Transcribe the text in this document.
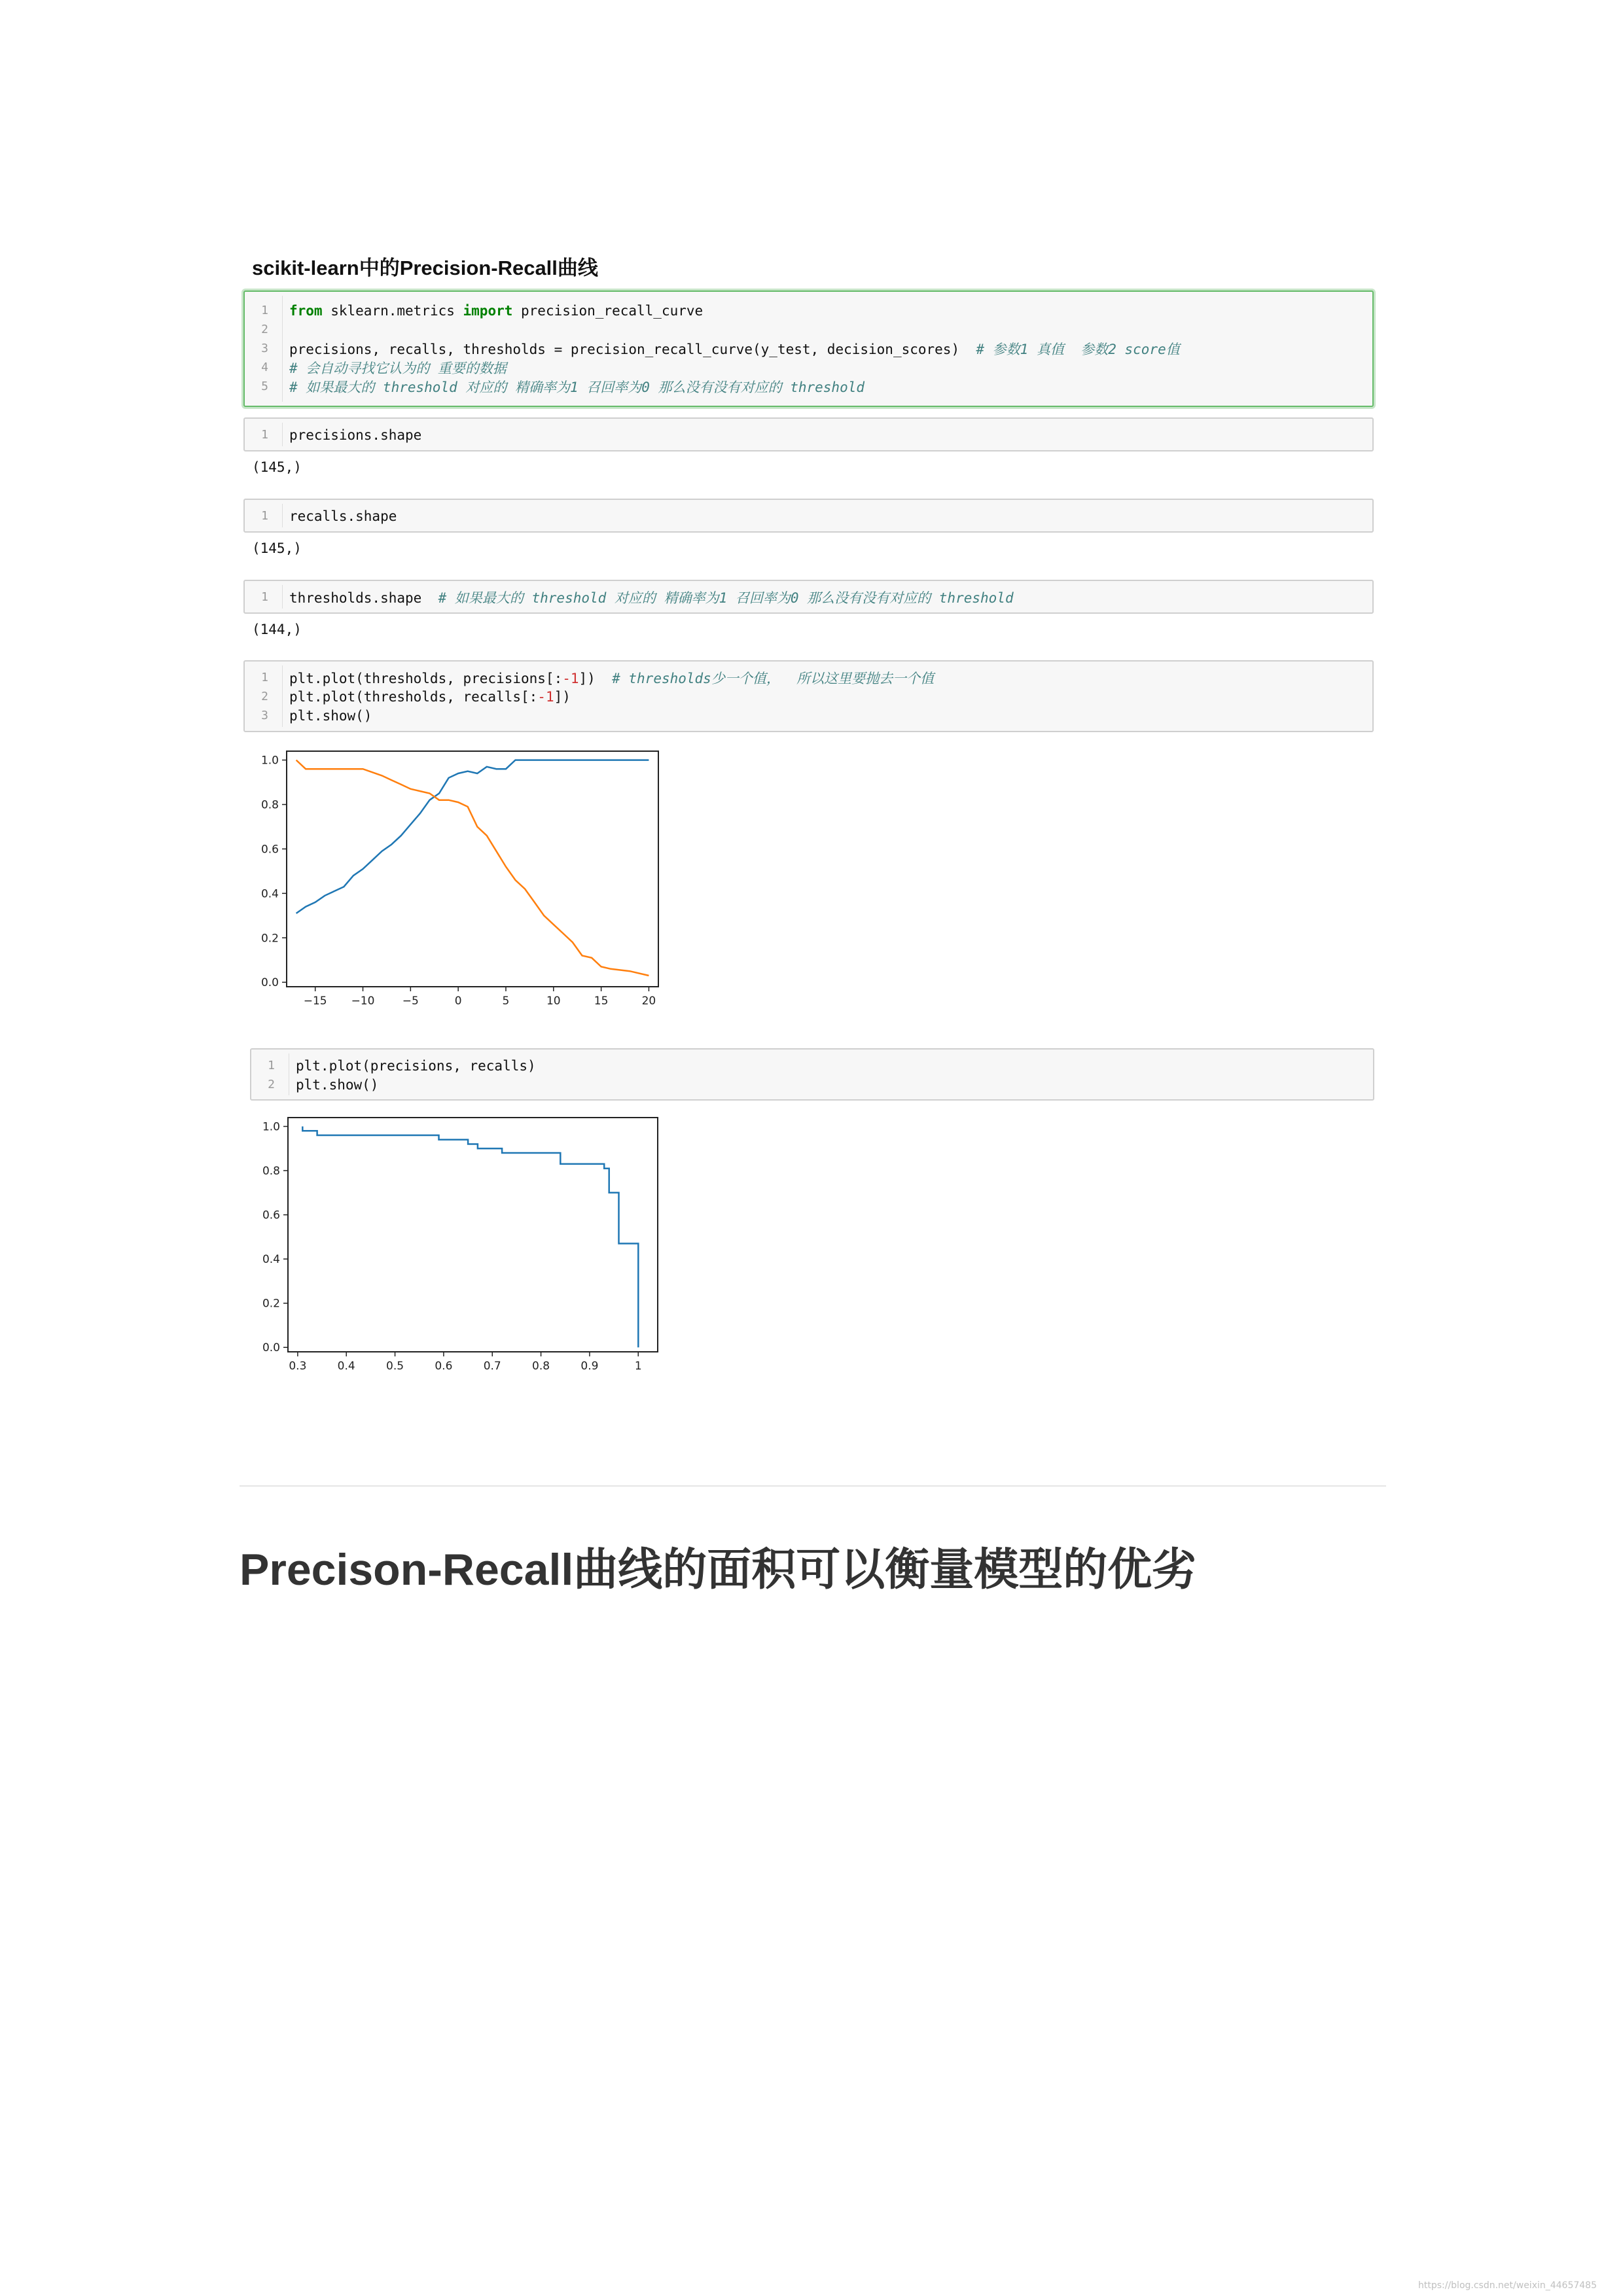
scikit-learn中的Precision-Recall曲线
1	from sklearn.metrics import precision_recall_curve
2
3	precisions, recalls, thresholds = precision_recall_curve(y_test, decision_scores)  # 参数1 真值  参数2 score值
4	# 会自动寻找它认为的 重要的数据
5	# 如果最大的 threshold 对应的 精确率为1 召回率为0 那么没有没有对应的 threshold
1	precisions.shape
(145,)
1	recalls.shape
(145,)
1	thresholds.shape  # 如果最大的 threshold 对应的 精确率为1 召回率为0 那么没有没有对应的 threshold
(144,)
1	plt.plot(thresholds, precisions[:-1])  # thresholds少一个值，  所以这里要抛去一个值
2	plt.plot(thresholds, recalls[:-1])
3	plt.show()
−15 −10 −5	0	5	10	15	20
0.0
0.2
0.4
0.6
0.8
1.0
1	plt.plot(precisions, recalls)
2	plt.show()
0.3	0.4	0.5	0.6	0.7	0.8	0.9	1
0.0
0.2
0.4
0.6
0.8
1.0
Precison-Recall曲线的面积可以衡量模型的优劣
https://blog.csdn.net/weixin_44657485
